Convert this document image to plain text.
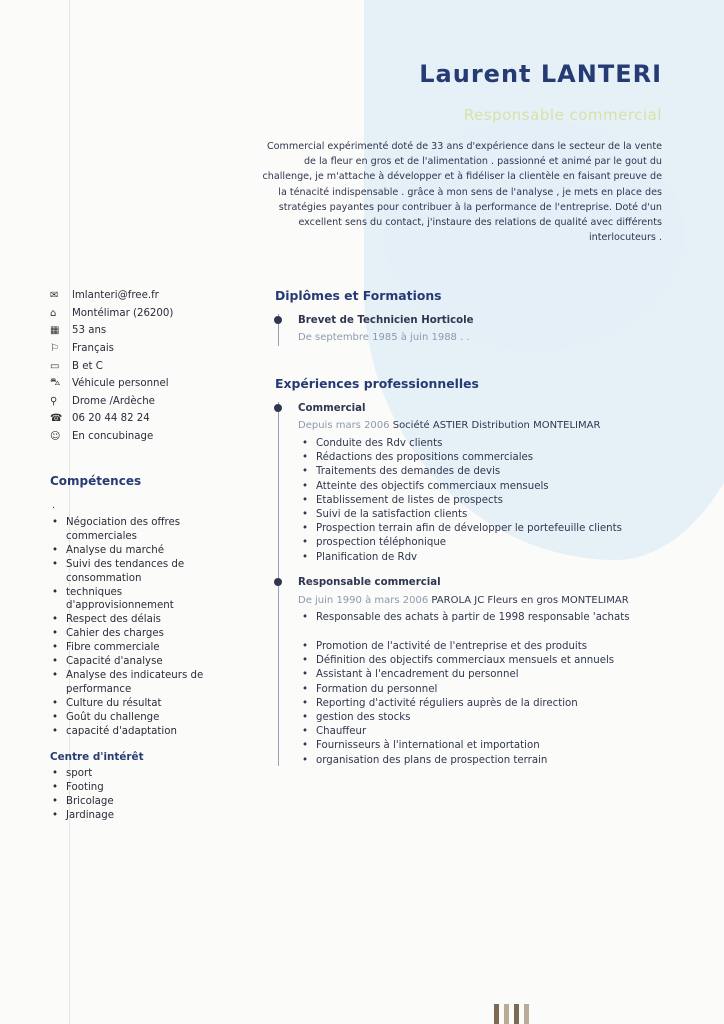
Laurent LANTERI
Responsable commercial
Commercial expérimenté doté de 33 ans d'expérience dans le secteur de la vente de la fleur en gros et de l'alimentation . passionné et animé par le gout du challenge, je m'attache à développer et à fidéliser la clientèle en faisant preuve de la ténacité indispensable . grâce à mon sens de l'analyse , je mets en place des stratégies payantes pour contribuer à la performance de l'entreprise. Doté d'un excellent sens du contact, j'instaure des relations de qualité avec différents interlocuteurs .
✉	lmlanteri@free.fr
⌂	Montélimar (26200)
▦	53 ans
⚐	Français
▭	B et C
⛍	Véhicule personnel
⚲	Drome /Ardèche
☎ 06 20 44 82 24
☺	En concubinage
Compétences
.
• Négociation des offres commerciales
• Analyse du marché
• Suivi des tendances de consommation
• techniques d'approvisionnement
• Respect des délais
• Cahier des charges
• Fibre commerciale
• Capacité d'analyse
• Analyse des indicateurs de performance
• Culture du résultat
• Goût du challenge
• capacité d'adaptation
Centre d'intérêt
• sport
• Footing
• Bricolage
• Jardinage
Diplômes et Formations
Brevet de Technicien Horticole
De septembre 1985 à juin 1988 . .
Expériences professionnelles
Commercial
Depuis mars 2006 Société ASTIER Distribution MONTELIMAR
• Conduite des Rdv clients
• Rédactions des propositions commerciales
• Traitements des demandes de devis
• Atteinte des objectifs commerciaux mensuels
• Etablissement de listes de prospects
• Suivi de la satisfaction clients
• Prospection terrain afin de développer le portefeuille clients
• prospection téléphonique
• Planification de Rdv
Responsable commercial
De juin 1990 à mars 2006 PAROLA JC Fleurs en gros MONTELIMAR
• Responsable des achats à partir de 1998 responsable 'achats
• Promotion de l'activité de l'entreprise et des produits
• Définition des objectifs commerciaux mensuels et annuels
• Assistant à l'encadrement du personnel
• Formation du personnel
• Reporting d'activité réguliers auprès de la direction
• gestion des stocks
• Chauffeur
• Fournisseurs à l'international et importation
• organisation des plans de prospection terrain
